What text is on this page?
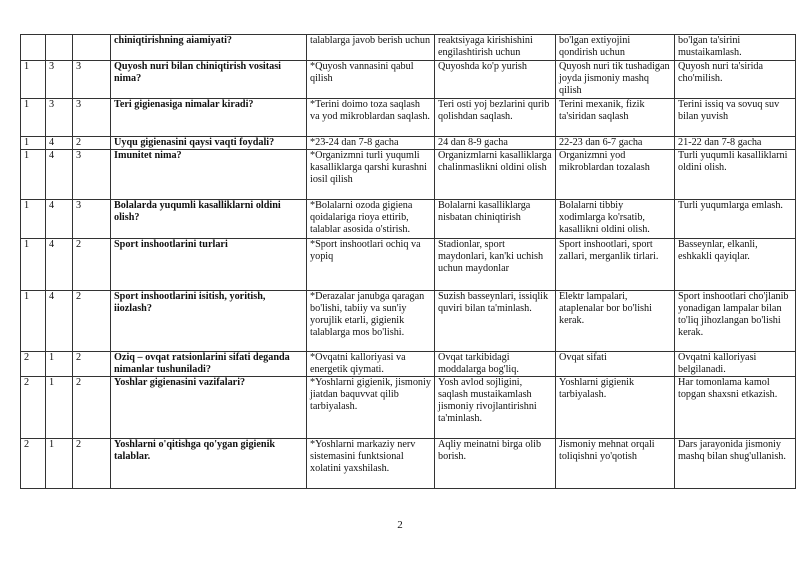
			chiniqtirishning aiamiyati?	talablarga javob berish uchun	reaktsiyaga kirishishini engilashtirish uchun	bo'lgan extiyojini qondirish uchun	bo'lgan ta'sirini mustaikamlash.
1	3	3	Quyosh nuri bilan chiniqtirish vositasi nima?	*Quyosh vannasini qabul qilish	Quyoshda ko'p yurish	Quyosh nuri tik tushadigan joyda jismoniy mashq qilish	Quyosh nuri ta'sirida cho'milish.
1	3	3	Teri gigienasiga nimalar kiradi?	*Terini doimo toza saqlash va yod mikroblardan saqlash.	Teri osti yoj bezlarini qurib qolishdan saqlash.	Terini mexanik, fizik ta'siridan saqlash	Terini issiq va sovuq suv bilan yuvish
1	4	2	Uyqu gigienasini qaysi vaqti foydali?	*23-24 dan 7-8 gacha	24 dan 8-9 gacha	22-23 dan 6-7 gacha	21-22 dan 7-8 gacha
1	4	3	Imunitet nima?	*Organizmni turli yuqumli kasalliklarga qarshi kurashni iosil qilish	Organizmlarni kasalliklarga chalinmaslikni oldini olish	Organizmni yod mikroblardan tozalash	Turli yuqumli kasalliklarni oldini olish.
1	4	3	Bolalarda yuqumli kasalliklarni oldini olish?	*Bolalarni ozoda gigiena qoidalariga rioya ettirib, talablar asosida o'stirish.	Bolalarni kasalliklarga nisbatan chiniqtirish	Bolalarni tibbiy xodimlarga ko'rsatib, kasallikni oldini olish.	Turli yuqumlarga emlash.
1	4	2	Sport inshootlarini turlari	*Sport inshootlari ochiq va yopiq	Stadionlar, sport maydonlari, kan'ki uchish uchun maydonlar	Sport inshootlari, sport zallari, merganlik tirlari.	Basseynlar, elkanli, eshkakli qayiqlar.
1	4	2	Sport inshootlarini isitish, yoritish, iiozlash?	*Derazalar janubga qaragan bo'lishi, tabiiy va sun'iy yorujlik etarli, gigienik talablarga mos bo'lishi.	Suzish basseynlari, issiqlik quviri bilan ta'minlash.	Elektr lampalari, ataplenalar bor bo'lishi kerak.	Sport inshootlari cho'jlanib yonadigan lampalar bilan to'liq jihozlangan bo'lishi kerak.
2	1	2	Oziq – ovqat ratsionlarini sifati deganda nimanlar tushuniladi?	*Ovqatni kalloriyasi va energetik qiymati.	Ovqat tarkibidagi moddalarga bog'liq.	Ovqat sifati	Ovqatni kalloriyasi belgilanadi.
2	1	2	Yoshlar gigienasini vazifalari?	*Yoshlarni gigienik, jismoniy jiatdan baquvvat qilib tarbiyalash.	Yosh avlod sojligini, saqlash mustaikamlash jismoniy rivojlantirishni ta'minlash.	Yoshlarni gigienik tarbiyalash.	Har tomonlama kamol topgan shaxsni etkazish.
2	1	2	Yoshlarni o'qitishga qo'ygan gigienik talablar.	*Yoshlarni markaziy nerv sistemasini funktsional xolatini yaxshilash.	Aqliy meinatni birga olib borish.	Jismoniy mehnat orqali toliqishni yo'qotish	Dars jarayonida jismoniy mashq bilan shug'ullanish.
2
